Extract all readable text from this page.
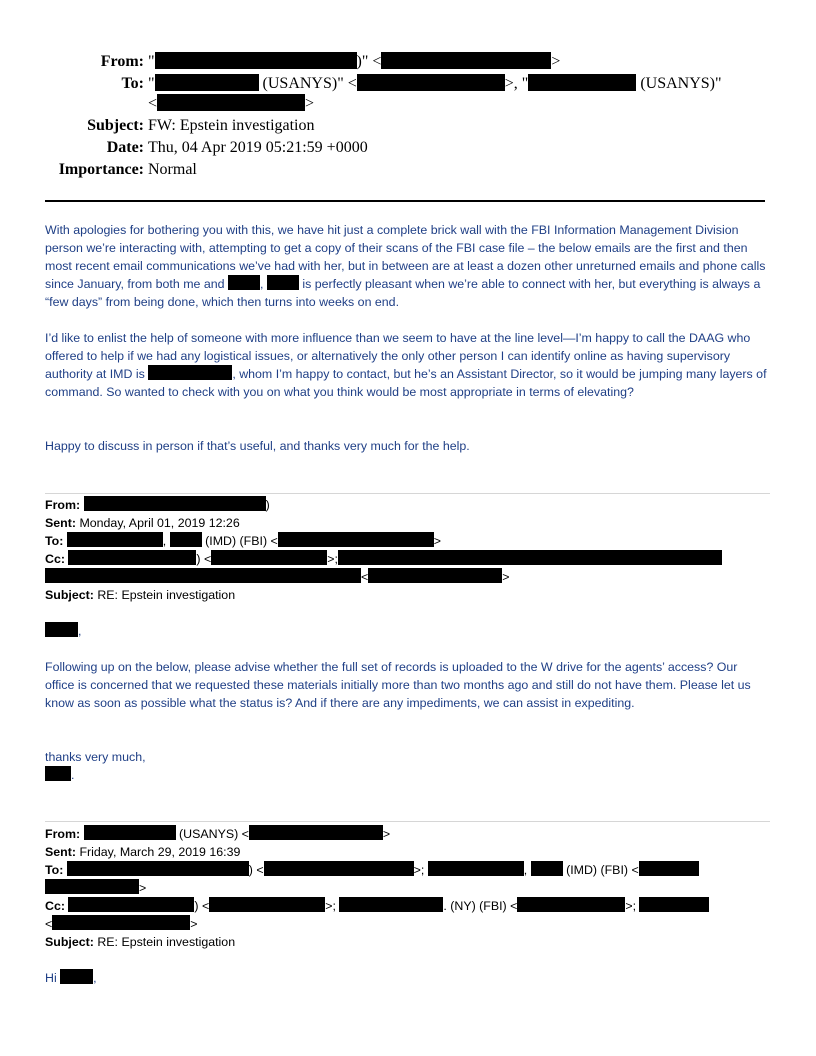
From: "	)" <	>
To: "	(USANYS)" <	>, "	(USANYS)"
<	>
Subject: FW: Epstein investigation
Date: Thu, 04 Apr 2019 05:21:59 +0000
Importance: Normal
With apologies for bothering you with this, we have hit just a complete brick wall with the FBI Information Management Division person we’re interacting with, attempting to get a copy of their scans of the FBI case file – the below emails are the first and then most recent email communications we’ve had with her, but in between are at least a dozen other unreturned emails and phone calls since January, from both me and	,	is perfectly pleasant when we’re able to connect with her, but everything is always a “few days” from being done, which then turns into weeks on end.
I’d like to enlist the help of someone with more influence than we seem to have at the line level—I’m happy to call the DAAG who offered to help if we had any logistical issues, or alternatively the only other person I can identify online as having supervisory authority at IMD is	, whom I’m happy to contact, but he’s an Assistant Director, so it would be jumping many layers of command. So wanted to check with you on what you think would be most appropriate in terms of elevating?
Happy to discuss in person if that’s useful, and thanks very much for the help.
From:	)
Sent: Monday, April 01, 2019 12:26
To:	,	(IMD) (FBI) <	>
Cc:	) <	>;
<	>
Subject: RE: Epstein investigation
,
Following up on the below, please advise whether the full set of records is uploaded to the W drive for the agents’ access? Our office is concerned that we requested these materials initially more than two months ago and still do not have them. Please let us know as soon as possible what the status is? And if there are any impediments, we can assist in expediting.
thanks very much,
.
From:	(USANYS) <	>
Sent: Friday, March 29, 2019 16:39
To:	) <	>;	,	(IMD) (FBI) <
>
Cc:	) <	>;	. (NY) (FBI) <	>;
<	>
Subject: RE: Epstein investigation
Hi	,
